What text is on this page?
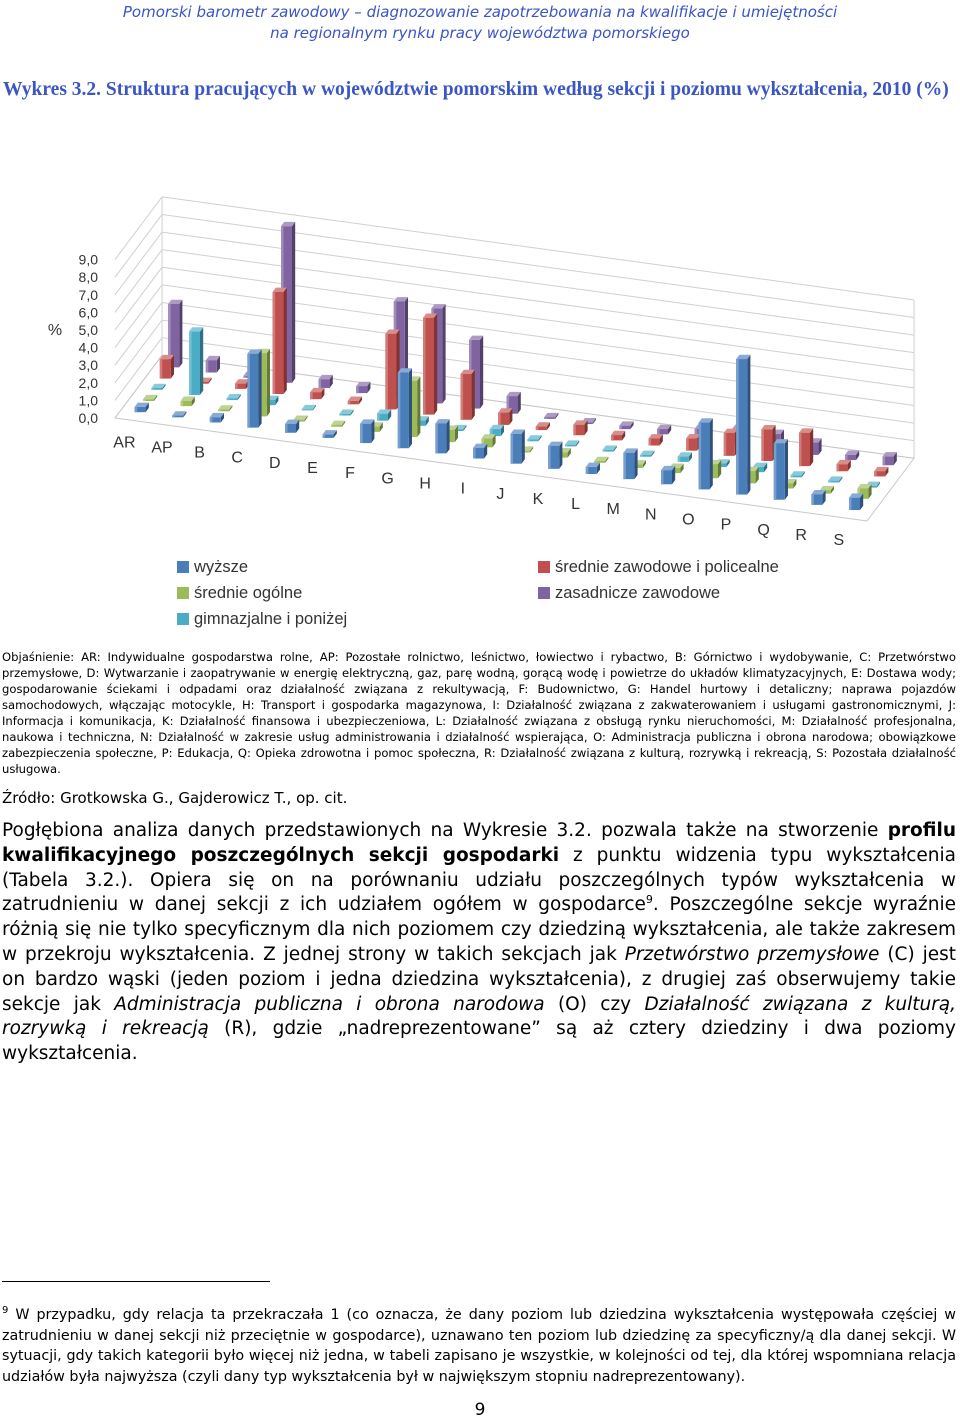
Pomorski barometr zawodowy – diagnozowanie zapotrzebowania na kwalifikacje i umiejętności
na regionalnym rynku pracy województwa pomorskiego
Wykres 3.2. Struktura pracujących w województwie pomorskim według sekcji i poziomu wykształcenia, 2010 (%)
9,0
8,0
7,0
6,0
5,0
4,0
3,0
2,0
1,0
0,0
%
AR AP B C D E F G H I J K L M N O P Q R S
wyższe
średnie ogólne
gimnazjalne i poniżej
średnie zawodowe i policealne
zasadnicze zawodowe
Objaśnienie: AR: Indywidualne gospodarstwa rolne, AP: Pozostałe rolnictwo, leśnictwo, łowiectwo i rybactwo, B: Górnictwo i wydobywanie, C: Przetwórstwo przemysłowe, D: Wytwarzanie i zaopatrywanie w energię elektryczną, gaz, parę wodną, gorącą wodę i powietrze do układów klimatyzacyjnych, E: Dostawa wody; gospodarowanie ściekami i odpadami oraz działalność związana z rekultywacją, F: Budownictwo, G: Handel hurtowy i detaliczny; naprawa pojazdów samochodowych, włączając motocykle, H: Transport i gospodarka magazynowa, I: Działalność związana z zakwaterowaniem i usługami gastronomicznymi, J: Informacja i komunikacja, K: Działalność finansowa i ubezpieczeniowa, L: Działalność związana z obsługą rynku nieruchomości, M: Działalność profesjonalna, naukowa i techniczna, N: Działalność w zakresie usług administrowania i działalność wspierająca, O: Administracja publiczna i obrona narodowa; obowiązkowe zabezpieczenia społeczne, P: Edukacja, Q: Opieka zdrowotna i pomoc społeczna, R: Działalność związana z kulturą, rozrywką i rekreacją, S: Pozostała działalność usługowa.
Źródło: Grotkowska G., Gajderowicz T., op. cit.
Pogłębiona analiza danych przedstawionych na Wykresie 3.2. pozwala także na stworzenie profilu kwalifikacyjnego poszczególnych sekcji gospodarki z punktu widzenia typu wykształcenia (Tabela 3.2.). Opiera się on na porównaniu udziału poszczególnych typów wykształcenia w zatrudnieniu w danej sekcji z ich udziałem ogółem w gospodarce$^9$. Poszczególne sekcje wyraźnie różnią się nie tylko specyficznym dla nich poziomem czy dziedziną wykształcenia, ale także zakresem w przekroju wykształcenia. Z jednej strony w takich sekcjach jak Przetwórstwo przemysłowe (C) jest on bardzo wąski (jeden poziom i jedna dziedzina wykształcenia), z drugiej zaś obserwujemy takie sekcje jak Administracja publiczna i obrona narodowa (O) czy Działalność związana z kulturą, rozrywką i rekreacją (R), gdzie „nadreprezentowane” są aż cztery dziedziny i dwa poziomy wykształcenia.
$^9$ W przypadku, gdy relacja ta przekraczała 1 (co oznacza, że dany poziom lub dziedzina wykształcenia występowała częściej w zatrudnieniu w danej sekcji niż przeciętnie w gospodarce), uznawano ten poziom lub dziedzinę za specyficzny/ą dla danej sekcji. W sytuacji, gdy takich kategorii było więcej niż jedna, w tabeli zapisano je wszystkie, w kolejności od tej, dla której wspomniana relacja udziałów była najwyższa (czyli dany typ wykształcenia był w największym stopniu nadreprezentowany).
9
